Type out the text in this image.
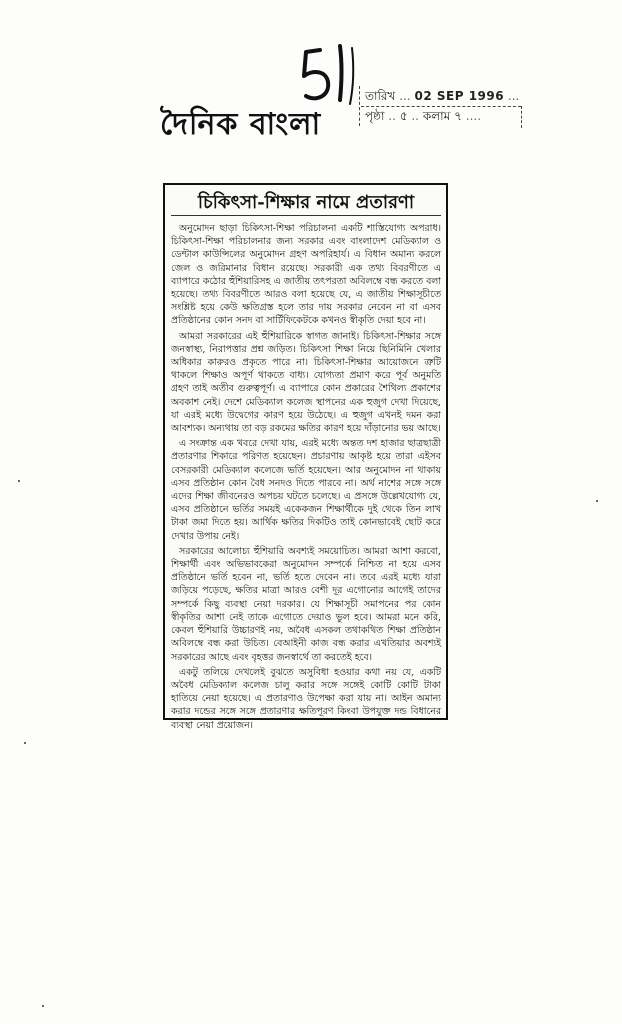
দৈনিক বাংলা
তারিখ ... 02 SEP 1996 ...
পৃষ্ঠা .. ৫ .. কলাম ৭ ....
চিকিৎসা-শিক্ষার নামে প্রতারণা

অনুমোদন ছাড়া চিকিৎসা-শিক্ষা পরিচালনা একটি শাস্তিযোগ্য অপরাধ। চিকিৎসা-শিক্ষা পরিচালনার জন্য সরকার এবং বাংলাদেশ মেডিক্যাল ও ডেন্টাল কাউন্সিলের অনুমোদন গ্রহণ অপরিহার্য। এ বিধান অমান্য করলে জেল ও জরিমানার বিধান রয়েছে। সরকারী এক তথ্য বিবরণীতে এ ব্যাপারে কঠোর হুঁশিয়ারিসহ এ জাতীয় তৎপরতা অবিলম্বে বন্ধ করতে বলা হয়েছে। তথ্য বিবরণীতে আরও বলা হয়েছে যে, এ জাতীয় শিক্ষাসূচীতে সংশ্লিষ্ট হয়ে কেউ ক্ষতিগ্রস্ত হলে তার দায় সরকার নেবেন না বা এসব প্রতিষ্ঠানের কোন সনদ বা সার্টিফিকেটকে কখনও স্বীকৃতি দেয়া হবে না।

আমরা সরকারের এই হুঁশিয়ারিকে স্বাগত জানাই। চিকিৎসা-শিক্ষার সঙ্গে জনস্বাস্থ্য, নিরাপত্তার প্রশ্ন জড়িত। চিকিৎসা শিক্ষা নিয়ে ছিনিমিনি খেলার অধিকার কারুরও প্রকৃতে পারে না। চিকিৎসা-শিক্ষার আয়োজনে ত্রুটি থাকলে শিক্ষাও অপূর্ণ থাকতে বাধ্য। যোগ্যতা প্রমাণ করে পূর্ব অনুমতি গ্রহণ তাই অতীব গুরুত্বপূর্ণ। এ ব্যাপারে কোন প্রকারের শৈথিল্য প্রকাশের অবকাশ নেই। দেশে মেডিক্যাল কলেজ স্থাপনের এক হুজুগ দেখা দিয়েছে, যা এরই মধ্যে উদ্বেগের কারণ হয়ে উঠেছে। এ হুজুগ এখনই দমন করা আবশ্যক। অন্যথায় তা বড় রকমের ক্ষতির কারণ হয়ে দাঁড়ানোর ভয় আছে।

এ সংক্রান্ত এক খবরে দেখা যায়, এরই মধ্যে অন্তত দশ হাজার ছাত্রছাত্রী প্রতারণার শিকারে পরিণত হয়েছেন। প্রচারণায় আকৃষ্ট হয়ে তারা এইসব বেসরকারী মেডিক্যাল কলেজে ভর্তি হয়েছেন। আর অনুমোদন না থাকায় এসব প্রতিষ্ঠান কোন বৈধ সনদও দিতে পারবে না। অর্থ নাশের সঙ্গে সঙ্গে এদের শিক্ষা জীবনেরও অপচয় ঘটতে চলেছে। এ প্রসঙ্গে উল্লেখযোগ্য যে, এসব প্রতিষ্ঠানে ভর্তির সময়ই একেকজন শিক্ষার্থীকে দুই থেকে তিন লাখ টাকা জমা দিতে হয়। আর্থিক ক্ষতির দিকটিও তাই কোনভাবেই ছোট করে দেখার উপায় নেই।

সরকারের আলোচ্য হুঁশিয়ারি অবশ্যই সময়োচিত। আমরা আশা করবো, শিক্ষার্থী এবং অভিভাবকেরা অনুমোদন সম্পর্কে নিশ্চিত না হয়ে এসব প্রতিষ্ঠানে ভর্তি হবেন না, ভর্তি হতে দেবেন না। তবে এরই মধ্যে যারা জড়িয়ে পড়েছে, ক্ষতির মাত্রা আরও বেশী দূর এগোনোর আগেই তাদের সম্পর্কে কিছু ব্যবস্থা নেয়া দরকার। যে শিক্ষাসূচী সমাপনের পর কোন স্বীকৃতির আশা নেই তাকে এগোতে দেয়াও ভুল হবে। আমরা মনে করি, কেবল হুঁশিয়ারি উচ্চারণই নয়, অবৈধ এসকল তথাকথিত শিক্ষা প্রতিষ্ঠান অবিলম্বে বন্ধ করা উচিত। বেআইনী কাজ বন্ধ করার এখতিয়ার অবশ্যই সরকারের আছে এবং বৃহত্তর জনস্বার্থে তা করতেই হবে।

একটু তলিয়ে দেখলেই বুঝতে অসুবিধা হওয়ার কথা নয় যে, একটি অবৈধ মেডিক্যাল কলেজ চালু করার সঙ্গে সঙ্গেই কোটি কোটি টাকা হাতিয়ে নেয়া হয়েছে। এ প্রতারণাও উপেক্ষা করা যায় না। আইন অমান্য করার দন্ডের সঙ্গে সঙ্গে প্রতারণার ক্ষতিপূরণ কিংবা উপযুক্ত দন্ড বিধানের ব্যবস্থা নেয়া প্রয়োজন।
